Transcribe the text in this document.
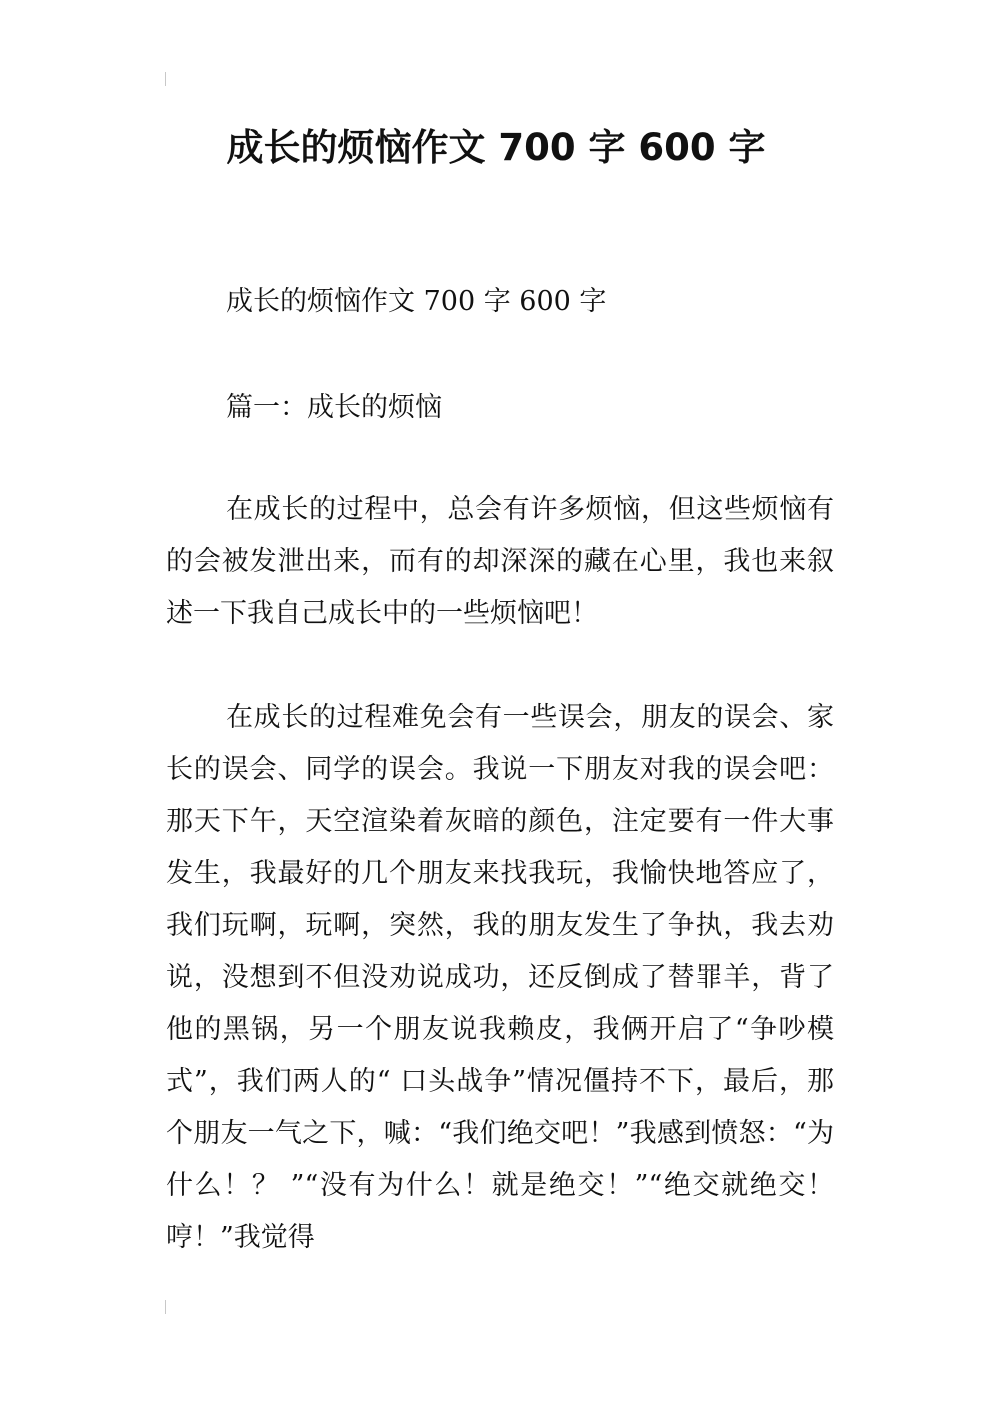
成长的烦恼作文 700 字 600 字

成长的烦恼作文 700 字 600 字

篇一：成长的烦恼

在成长的过程中，总会有许多烦恼，但这些烦恼有的会被发泄出来，而有的却深深的藏在心里，我也来叙述一下我自己成长中的一些烦恼吧！

在成长的过程难免会有一些误会，朋友的误会、家长的误会、同学的误会。我说一下朋友对我的误会吧：那天下午，天空渲染着灰暗的颜色，注定要有一件大事发生，我最好的几个朋友来找我玩，我愉快地答应了，我们玩啊，玩啊，突然，我的朋友发生了争执，我去劝说，没想到不但没劝说成功，还反倒成了替罪羊，背了他的黑锅，另一个朋友说我赖皮，我俩开启了“争吵模式”，我们两人的“ 口头战争”情况僵持不下，最后，那个朋友一气之下，喊：“我们绝交吧！”我感到愤怒：“为什么！？ ”“没有为什么！就是绝交！”“绝交就绝交！哼！”我觉得
